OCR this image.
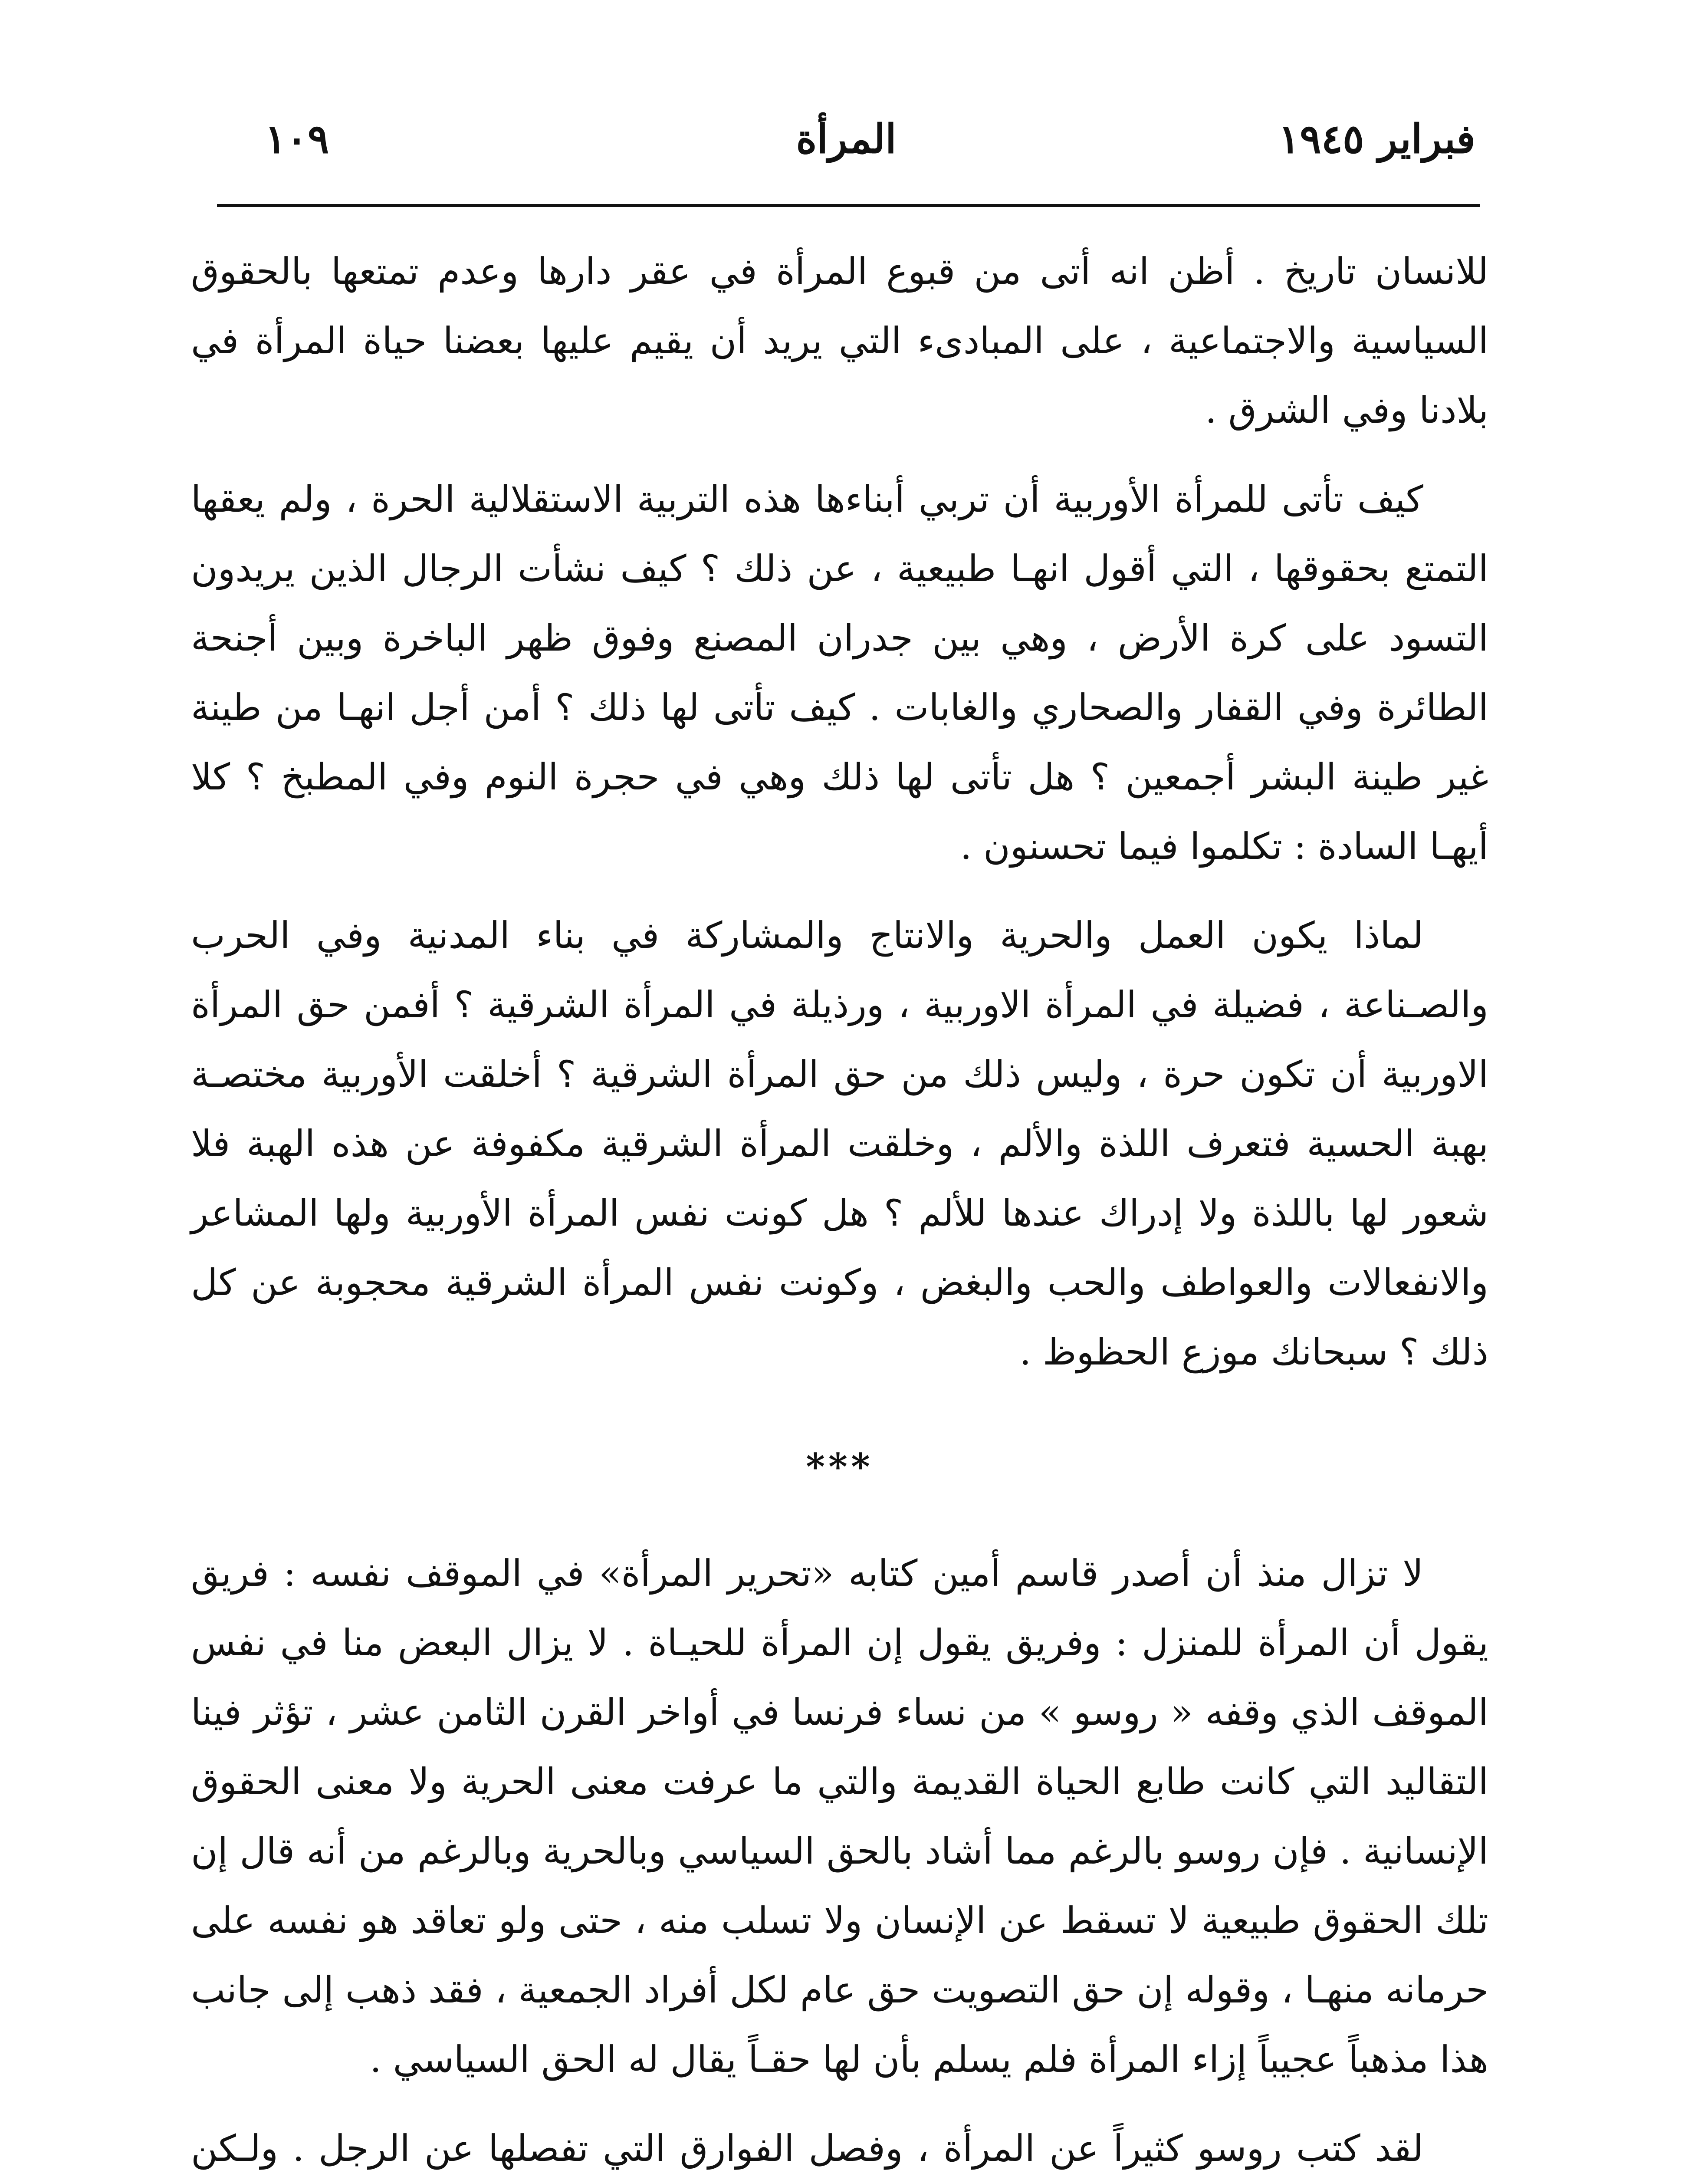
فبراير ١٩٤٥
المرأة
١٠٩

للانسان تاريخ . أظن انه أتى من قبوع المرأة في عقر دارها وعدم تمتعها بالحقوق السياسية والاجتماعية ، على المبادىء التي يريد أن يقيم عليها بعضنا حياة المرأة في بلادنا وفي الشرق .

كيف تأتى للمرأة الأوربية أن تربي أبناءها هذه التربية الاستقلالية الحرة ، ولم يعقها التمتع بحقوقها ، التي أقول انهـا طبيعية ، عن ذلك ؟ كيف نشأت الرجال الذين يريدون التسود على كرة الأرض ، وهي بين جدران المصنع وفوق ظهر الباخرة وبين أجنحة الطائرة وفي القفار والصحاري والغابات . كيف تأتى لها ذلك ؟ أمن أجل انهـا من طينة غير طينة البشر أجمعين ؟ هل تأتى لها ذلك وهي في حجرة النوم وفي المطبخ ؟ كلا أيهـا السادة : تكلموا فيما تحسنون .

لماذا يكون العمل والحرية والانتاج والمشاركة في بناء المدنية وفي الحرب والصـناعة ، فضيلة في المرأة الاوربية ، ورذيلة في المرأة الشرقية ؟ أفمن حق المرأة الاوربية أن تكون حرة ، وليس ذلك من حق المرأة الشرقية ؟ أخلقت الأوربية مختصـة بهبة الحسية فتعرف اللذة والألم ، وخلقت المرأة الشرقية مكفوفة عن هذه الهبة فلا شعور لها باللذة ولا إدراك عندها للألم ؟ هل كونت نفس المرأة الأوربية ولها المشاعر والانفعالات والعواطف والحب والبغض ، وكونت نفس المرأة الشرقية محجوبة عن كل ذلك ؟ سبحانك موزع الحظوظ .

***

لا تزال منذ أن أصدر قاسم أمين كتابه «تحرير المرأة» في الموقف نفسه : فريق يقول أن المرأة للمنزل : وفريق يقول إن المرأة للحيـاة . لا يزال البعض منا في نفس الموقف الذي وقفه « روسو » من نساء فرنسا في أواخر القرن الثامن عشر ، تؤثر فينا التقاليد التي كانت طابع الحياة القديمة والتي ما عرفت معنى الحرية ولا معنى الحقوق الإنسانية . فإن روسو بالرغم مما أشاد بالحق السياسي وبالحرية وبالرغم من أنه قال إن تلك الحقوق طبيعية لا تسقط عن الإنسان ولا تسلب منه ، حتى ولو تعاقد هو نفسه على حرمانه منهـا ، وقوله إن حق التصويت حق عام لكل أفراد الجمعية ، فقد ذهب إلى جانب هذا مذهباً عجيباً إزاء المرأة فلم يسلم بأن لها حقـاً يقال له الحق السياسي .

لقد كتب روسو كثيراً عن المرأة ، وفصل الفوارق التي تفصلها عن الرجل . ولـكن
